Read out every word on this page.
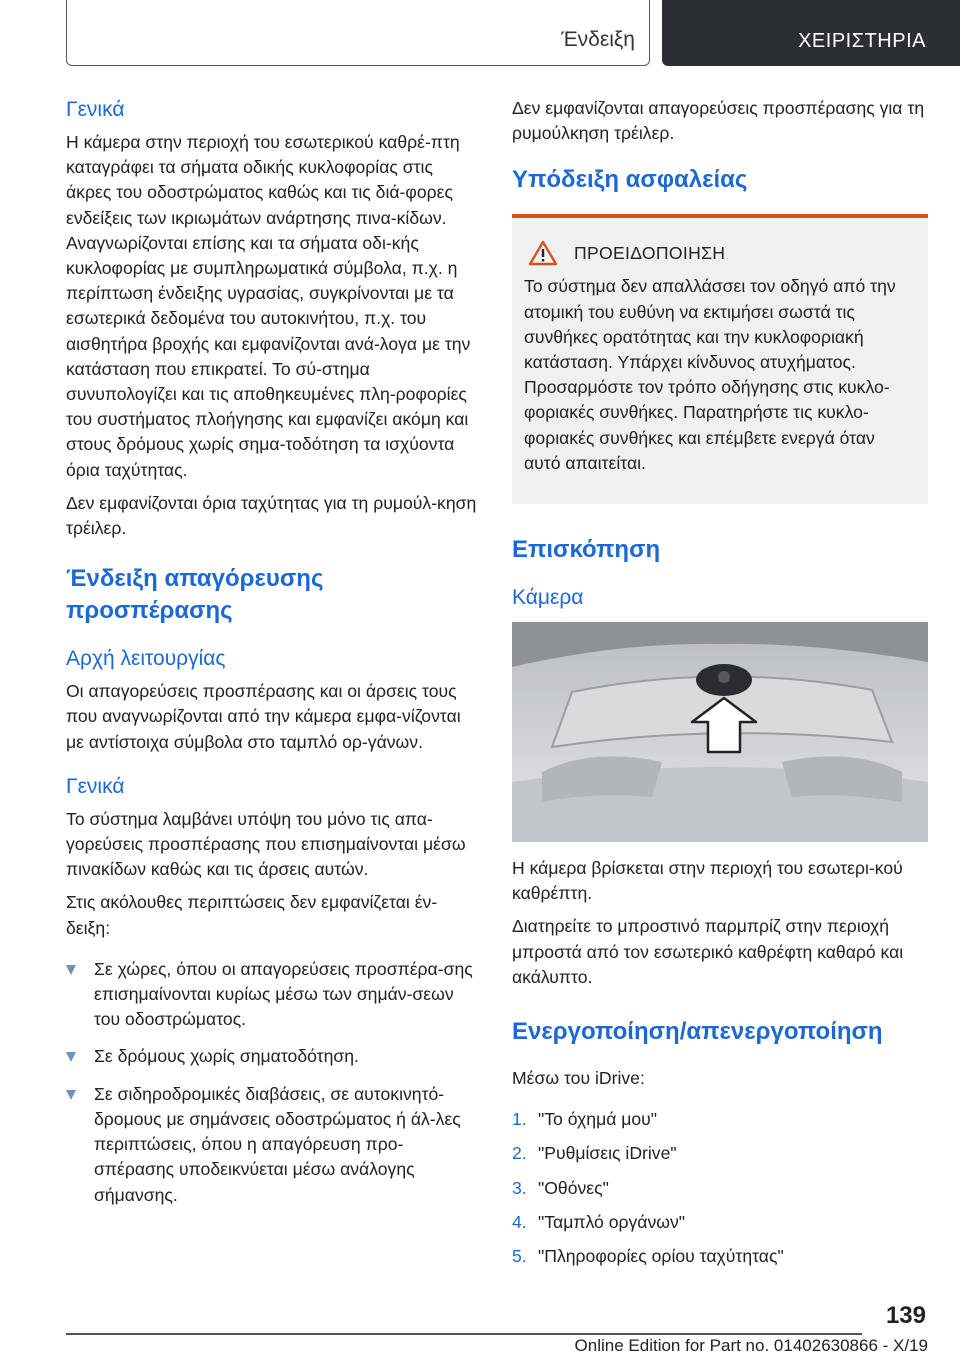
Ένδειξη	ΧΕΙΡΙΣΤΗΡΙΑ
Γενικά

Η κάμερα στην περιοχή του εσωτερικού καθρέ-πτη καταγράφει τα σήματα οδικής κυκλοφορίας στις άκρες του οδοστρώματος καθώς και τις διά-φορες ενδείξεις των ικριωμάτων ανάρτησης πινα-κίδων. Αναγνωρίζονται επίσης και τα σήματα οδι-κής κυκλοφορίας με συμπληρωματικά σύμβολα, π.χ. η περίπτωση ένδειξης υγρασίας, συγκρίνονται με τα εσωτερικά δεδομένα του αυτοκινήτου, π.χ. του αισθητήρα βροχής και εμφανίζονται ανά-λογα με την κατάσταση που επικρατεί. Το σύ-στημα συνυπολογίζει και τις αποθηκευμένες πλη-ροφορίες του συστήματος πλοήγησης και εμφανίζει ακόμη και στους δρόμους χωρίς σημα-τοδότηση τα ισχύοντα όρια ταχύτητας.

Δεν εμφανίζονται όρια ταχύτητας για τη ρυμούλ-κηση τρέιλερ.

Ένδειξη απαγόρευσης προσπέρασης
Αρχή λειτουργίας

Οι απαγορεύσεις προσπέρασης και οι άρσεις τους που αναγνωρίζονται από την κάμερα εμφα-νίζονται με αντίστοιχα σύμβολα στο ταμπλό ορ-γάνων.

Γενικά

Το σύστημα λαμβάνει υπόψη του μόνο τις απα-γορεύσεις προσπέρασης που επισημαίνονται μέσω πινακίδων καθώς και τις άρσεις αυτών.

Στις ακόλουθες περιπτώσεις δεν εμφανίζεται έν-δειξη:

Σε χώρες, όπου οι απαγορεύσεις προσπέρα-σης επισημαίνονται κυρίως μέσω των σημάν-σεων του οδοστρώματος.
Σε δρόμους χωρίς σηματοδότηση.
Σε σιδηροδρομικές διαβάσεις, σε αυτοκινητό-δρομους με σημάνσεις οδοστρώματος ή άλ-λες περιπτώσεις, όπου η απαγόρευση προ-σπέρασης υποδεικνύεται μέσω ανάλογης σήμανσης.

Δεν εμφανίζονται απαγορεύσεις προσπέρασης για τη ρυμούλκηση τρέιλερ.

Υπόδειξη ασφαλείας
ΠΡΟΕΙΔΟΠΟΙΗΣΗ

Το σύστημα δεν απαλλάσσει τον οδηγό από την ατομική του ευθύνη να εκτιμήσει σωστά τις συνθήκες ορατότητας και την κυκλοφοριακή κατάσταση. Υπάρχει κίνδυνος ατυχήματος. Προσαρμόστε τον τρόπο οδήγησης στις κυκλο-φοριακές συνθήκες. Παρατηρήστε τις κυκλο-φοριακές συνθήκες και επέμβετε ενεργά όταν αυτό απαιτείται.

Επισκόπηση
Κάμερα

Η κάμερα βρίσκεται στην περιοχή του εσωτερι-κού καθρέπτη.

Διατηρείτε το μπροστινό παρμπρίζ στην περιοχή μπροστά από τον εσωτερικό καθρέφτη καθαρό και ακάλυπτο.

Ενεργοποίηση/απενεργοποίηση

Μέσω του iDrive:

1. "Το όχημά μου"
2. "Ρυθμίσεις iDrive"
3. "Οθόνες"
4. "Ταμπλό οργάνων"
5. "Πληροφορίες ορίου ταχύτητας"
139
Online Edition for Part no. 01402630866 - X/19
